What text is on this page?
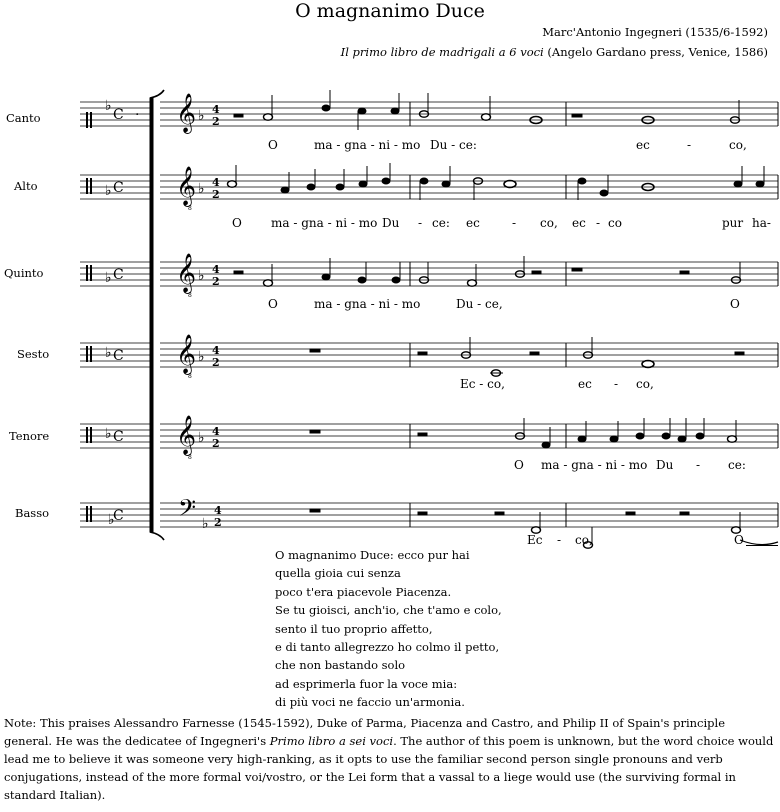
O magnanimo Duce
Marc'Antonio Ingegneri (1535/6-1592)
Il primo libro de madrigali a 6 voci (Angelo Gardano press, Venice, 1586)
Canto
Alto
Quinto
Sesto
Tenore
Basso
♭
C ·
♭ C
♭ C
♭ C
♭ C
♭
C
𝄞
𝄞
𝄞
𝄞
𝄞
𝄢
♭
♭
♭
♭
♭
♭
8
8
8
8
4
2
4
2
4
2
4
2
4
2
4
2
O	ma - gna - ni - mo Du - ce:	ec	-	co,
O ma - gna - ni - mo Du - ce: ec	- co, ec - co	pur ha-
O	ma - gna - ni - mo	Du - ce,	O
Ec - co,	ec - co,
O ma - gna - ni - mo Du - ce:
Ec - co,	O
O magnanimo Duce: ecco pur hai
quella gioia cui senza
poco t'era piacevole Piacenza.
Se tu gioisci, anch'io, che t'amo e colo,
sento il tuo proprio affetto,
e di tanto allegrezzo ho colmo il petto,
che non bastando solo
ad esprimerla fuor la voce mia:
di più voci ne faccio un'armonia.
Note: This praises Alessandro Farnesse (1545-1592), Duke of Parma, Piacenza and Castro, and Philip II of Spain's principle general. He was the dedicatee of Ingegneri's Primo libro a sei voci. The author of this poem is unknown, but the word choice would lead me to believe it was someone very high-ranking, as it opts to use the familiar second person single pronouns and verb conjugations, instead of the more formal voi/vostro, or the Lei form that a vassal to a liege would use (the surviving formal in standard Italian).
